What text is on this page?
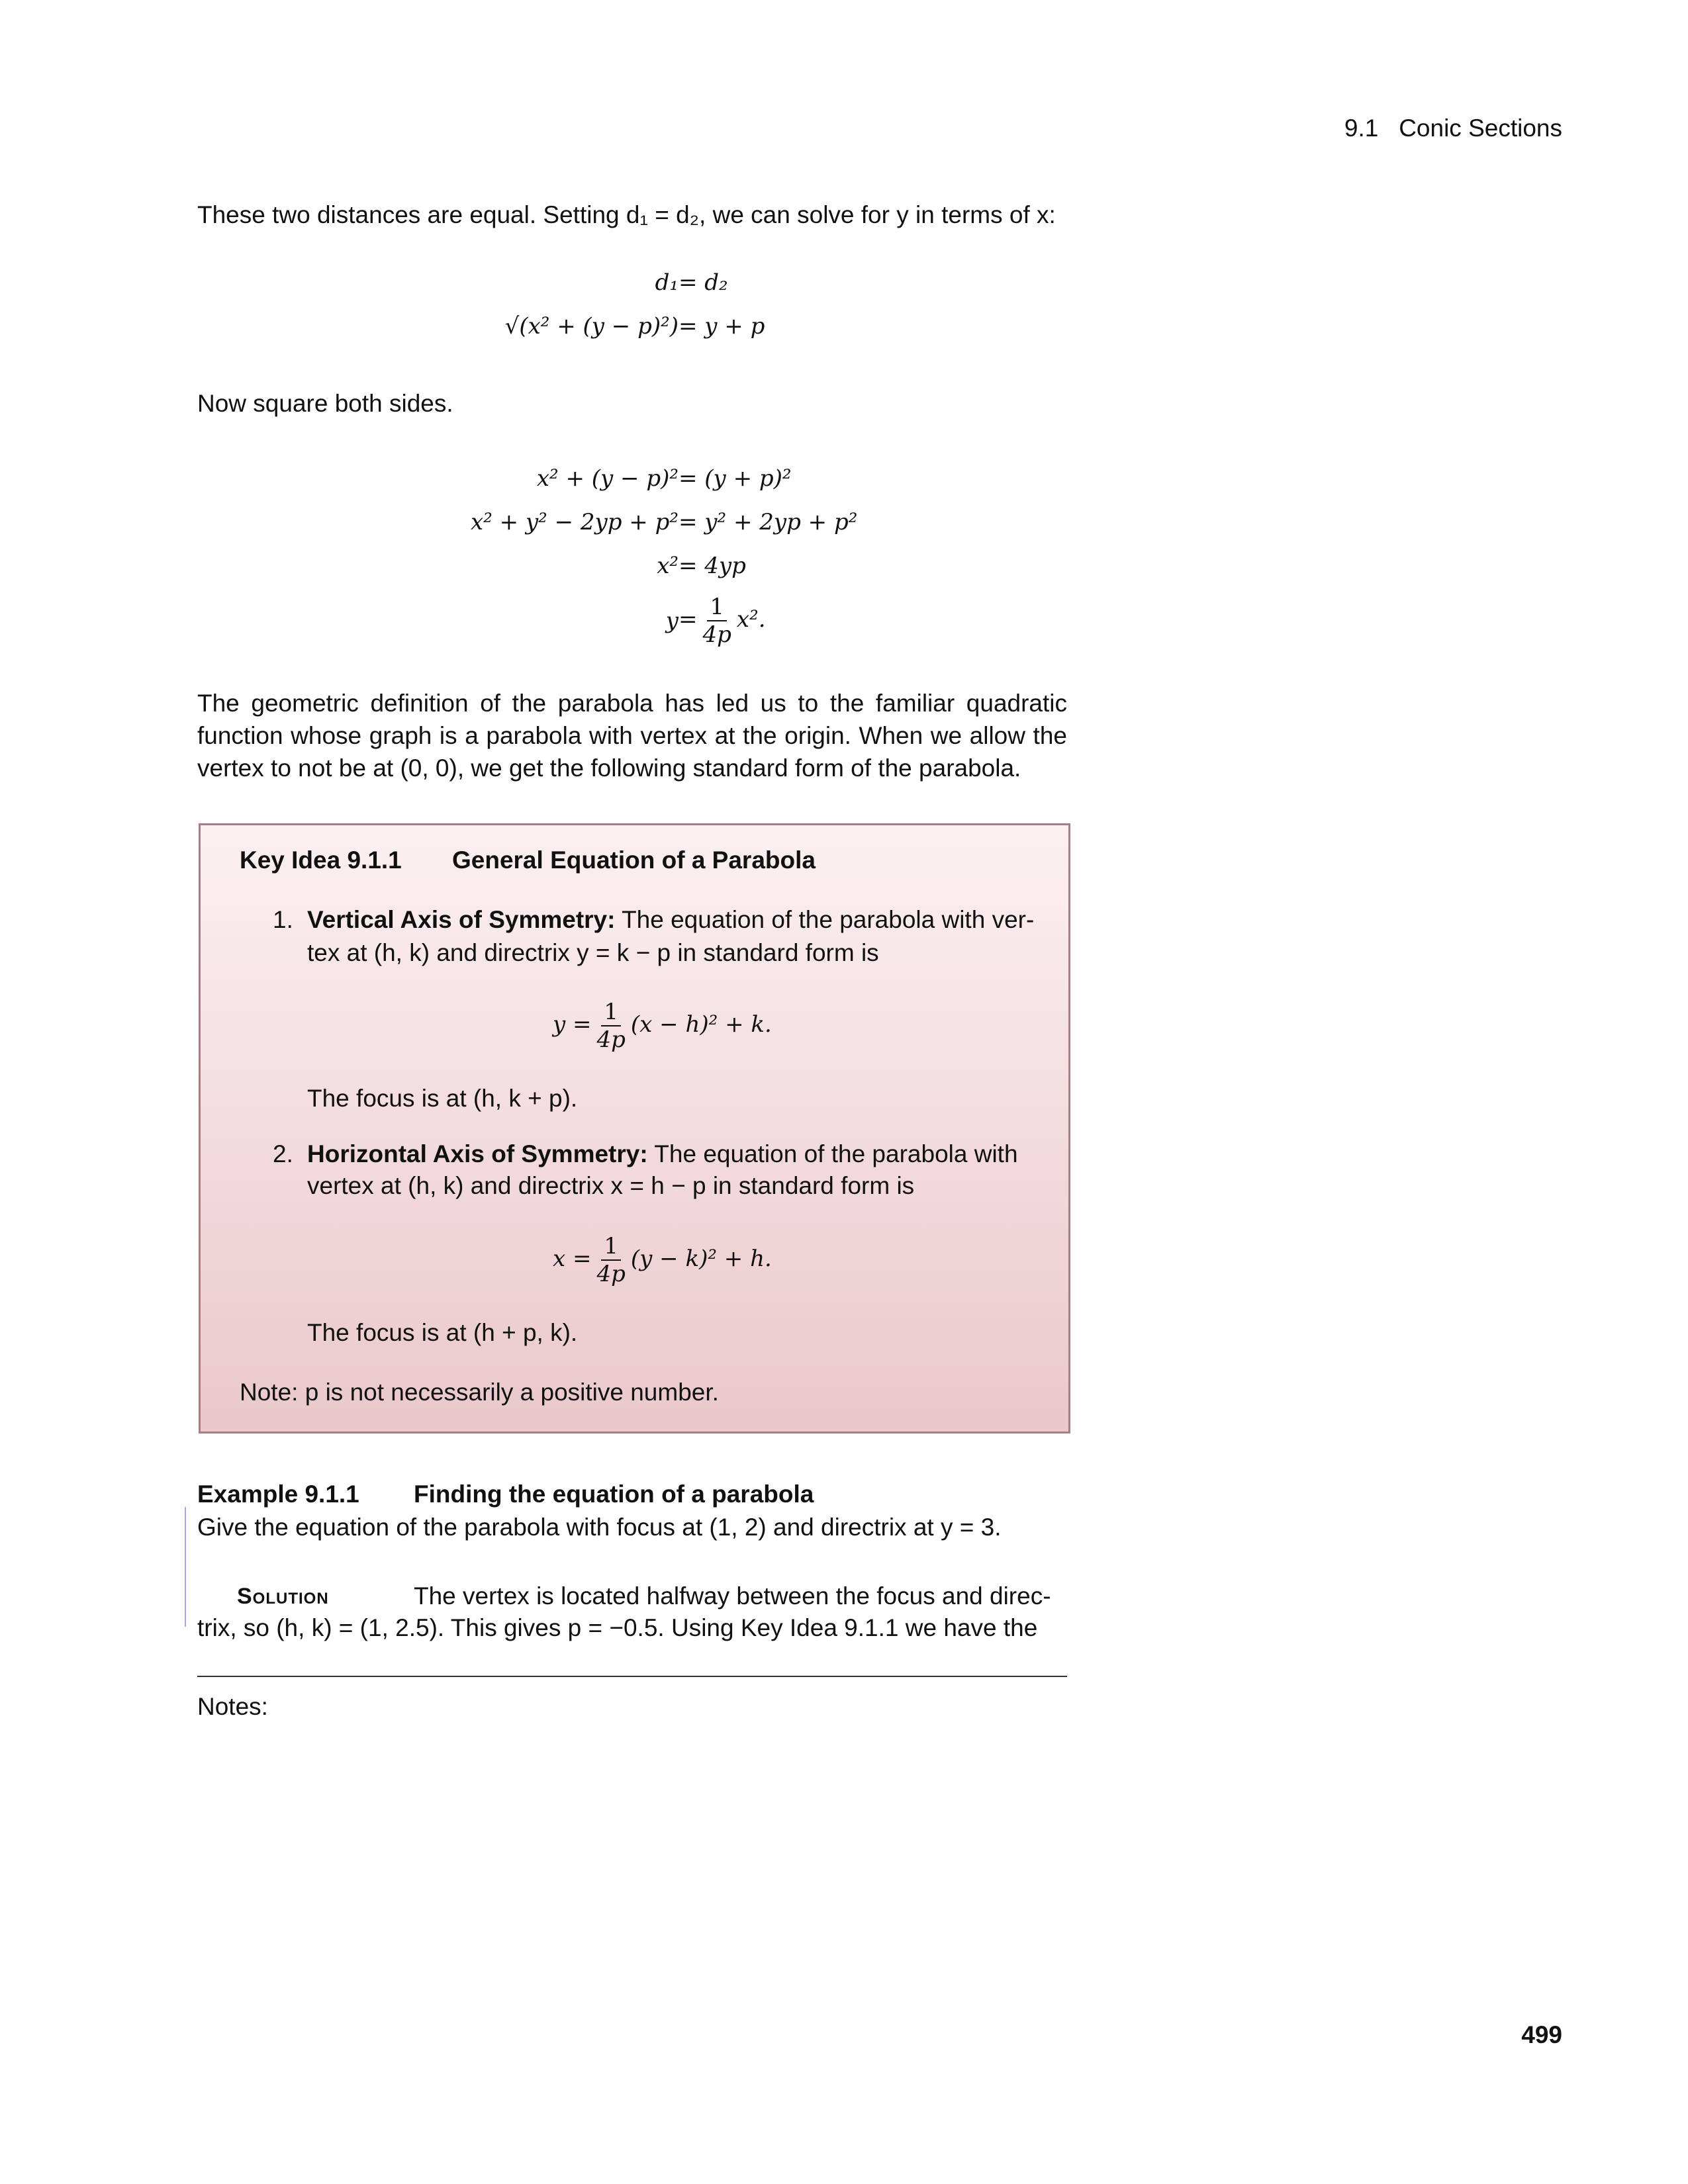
9.1 Conic Sections
These two distances are equal. Setting d₁ = d₂, we can solve for y in terms of x:
d₁	= d₂
√(x² + (y − p)²)	= y + p
Now square both sides.
x² + (y − p)²	= (y + p)²
x² + y² − 2yp + p²	= y² + 2yp + p²
x²	= 4yp
y	= $\frac{1}{4p} x^2$.
The geometric definition of the parabola has led us to the familiar quadratic function whose graph is a parabola with vertex at the origin. When we allow the vertex to not be at (0, 0), we get the following standard form of the parabola.
Key Idea 9.1.1 General Equation of a Parabola
1. Vertical Axis of Symmetry: The equation of the parabola with ver-
tex at (h, k) and directrix y = k − p in standard form is
$y = \frac{1}{4p} (x - h)^2 + k$.
The focus is at (h, k + p).
2. Horizontal Axis of Symmetry: The equation of the parabola with
vertex at (h, k) and directrix x = h − p in standard form is
$x = \frac{1}{4p} (y - k)^2 + h$.
The focus is at (h + p, k).
Note: p is not necessarily a positive number.
Example 9.1.1 Finding the equation of a parabola
Give the equation of the parabola with focus at (1, 2) and directrix at y = 3.
Solution	The vertex is located halfway between the focus and direc-
trix, so (h, k) = (1, 2.5). This gives p = −0.5. Using Key Idea 9.1.1 we have the
Notes:
499
